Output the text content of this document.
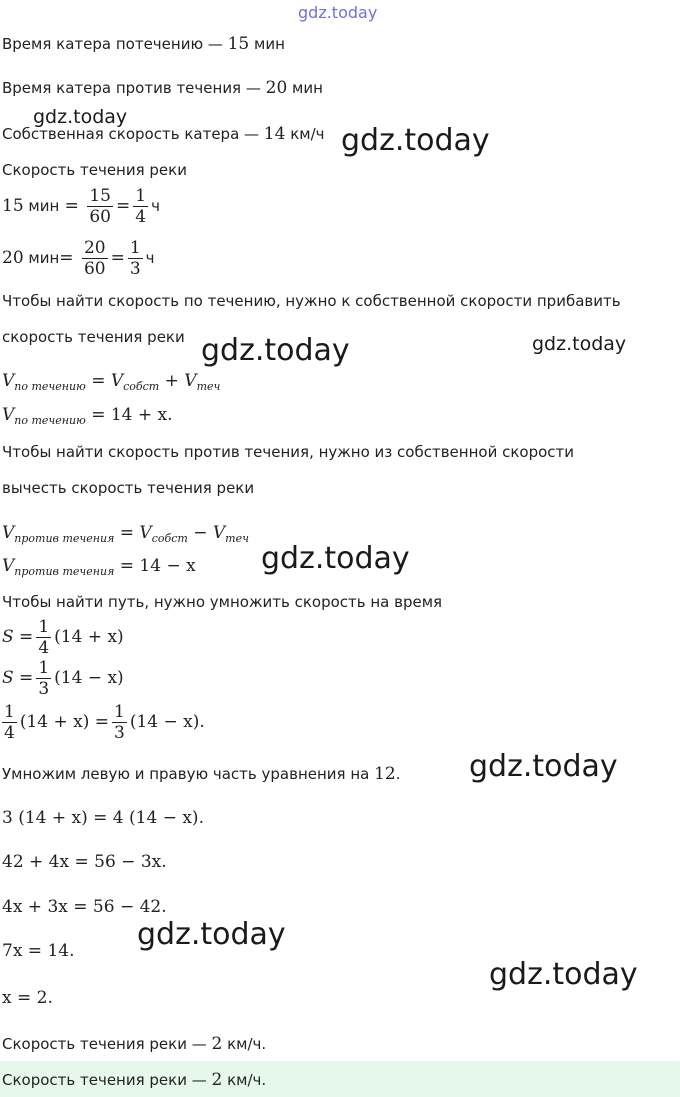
gdz.today
gdz.today
gdz.today
gdz.today	gdz.today
gdz.today
gdz.today
gdz.today
gdz.today
Время катера потечению — 15 мин
Время катера против течения — 20 мин
Собственная скорость катера — 14 км/ч
Скорость течения реки
15 мин = $\frac{15}{60} = \frac{1}{4}$ ч
20 $мин= \frac{20}{60} = \frac{1}{3}$ ч
Чтобы найти скорость по течению, нужно к собственной скорости прибавить
скорость течения реки
$V_{по течению} = V_{собст} + V_{теч}$
$V_{по течению} = 14 + x$.
Чтобы найти скорость против течения, нужно из собственной скорости
вычесть скорость течения реки
$V_{против течения} = V_{собст} - V_{теч}$
$V_{против течения} = 14 - x$
Чтобы найти путь, нужно умножить скорость на время
$S = \frac{1}{4} (14 + x)$
$S = \frac{1}{3} (14 - x)$
$\frac{1}{4} (14 + x) = \frac{1}{3} (14 - x)$.
Умножим левую и правую часть уравнения на 12.
3 (14 + x) = 4 (14 − x).
42 + 4x = 56 − 3x.
4x + 3x = 56 − 42.
7x = 14.
x = 2.
Скорость течения реки — 2 км/ч.
Скорость течения реки — 2 км/ч.
